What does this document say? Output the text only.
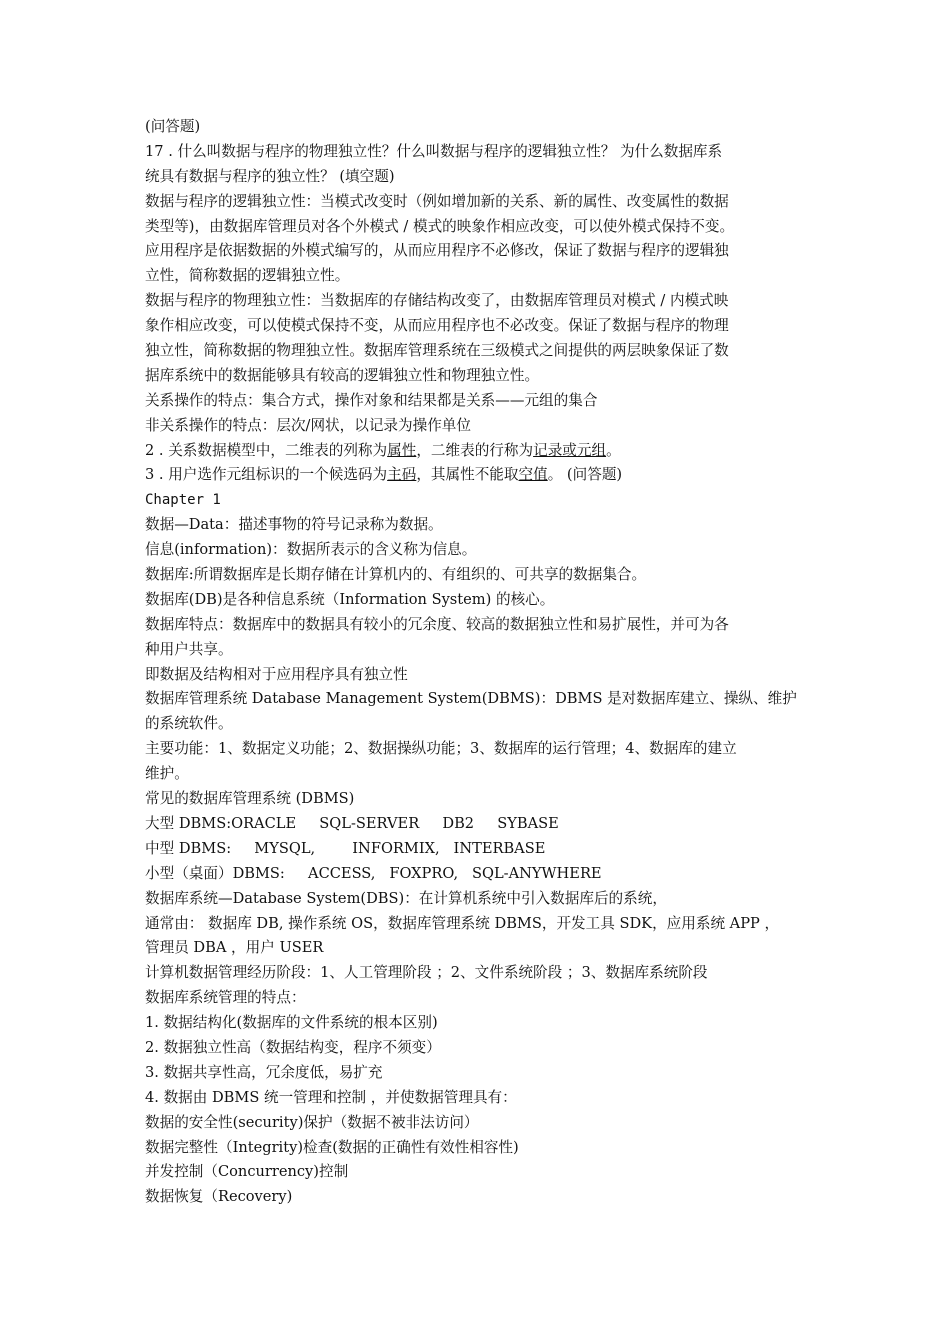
(问答题)
17 . 什么叫数据与程序的物理独立性？什么叫数据与程序的逻辑独立性？ 为什么数据库系
统具有数据与程序的独立性？ (填空题)
数据与程序的逻辑独立性：当模式改变时（例如增加新的关系、新的属性、改变属性的数据
类型等)，由数据库管理员对各个外模式 / 模式的映象作相应改变，可以使外模式保持不变。
应用程序是依据数据的外模式编写的，从而应用程序不必修改，保证了数据与程序的逻辑独
立性，简称数据的逻辑独立性。
数据与程序的物理独立性：当数据库的存储结构改变了，由数据库管理员对模式 / 内模式映
象作相应改变，可以使模式保持不变，从而应用程序也不必改变。保证了数据与程序的物理
独立性，简称数据的物理独立性。数据库管理系统在三级模式之间提供的两层映象保证了数
据库系统中的数据能够具有较高的逻辑独立性和物理独立性。
关系操作的特点：集合方式，操作对象和结果都是关系——元组的集合
非关系操作的特点：层次/网状，以记录为操作单位
2 . 关系数据模型中，二维表的列称为属性，二维表的行称为记录或元组。
3 . 用户选作元组标识的一个候选码为主码，其属性不能取空值。 (问答题)
Chapter 1
数据—Data：描述事物的符号记录称为数据。
信息(information)：数据所表示的含义称为信息。
数据库:所谓数据库是长期存储在计算机内的、有组织的、可共享的数据集合。
数据库(DB)是各种信息系统（Information System) 的核心。
数据库特点：数据库中的数据具有较小的冗余度、较高的数据独立性和易扩展性，并可为各
种用户共享。
即数据及结构相对于应用程序具有独立性
数据库管理系统 Database Management System(DBMS)：DBMS 是对数据库建立、操纵、维护
的系统软件。
主要功能：1、数据定义功能；2、数据操纵功能；3、数据库的运行管理；4、数据库的建立
维护。
常见的数据库管理系统 (DBMS)
大型 DBMS:ORACLE     SQL-SERVER     DB2     SYBASE
中型 DBMS:     MYSQL,        INFORMIX,   INTERBASE
小型（桌面）DBMS:     ACCESS,   FOXPRO,   SQL-ANYWHERE
数据库系统—Database System(DBS)：在计算机系统中引入数据库后的系统，
通常由： 数据库 DB, 操作系统 OS，数据库管理系统 DBMS，开发工具 SDK，应用系统 APP ，
管理员 DBA ，用户 USER
计算机数据管理经历阶段：1、人工管理阶段 ；2、文件系统阶段 ；3、数据库系统阶段
数据库系统管理的特点：
1. 数据结构化(数据库的文件系统的根本区别)
2. 数据独立性高（数据结构变，程序不须变）
3. 数据共享性高，冗余度低，易扩充
4. 数据由 DBMS 统一管理和控制 ，并使数据管理具有：
数据的安全性(security)保护（数据不被非法访问）
数据完整性（Integrity)检查(数据的正确性有效性相容性)
并发控制（Concurrency)控制
数据恢复（Recovery)
